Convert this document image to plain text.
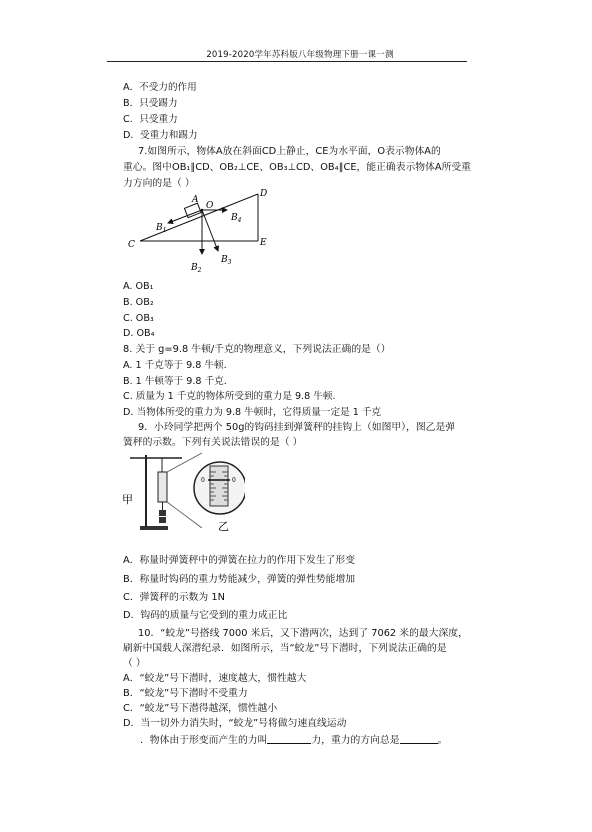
2019-2020学年苏科版八年级物理下册一课一测
A．不受力的作用
B．只受踢力
C．只受重力
D．受重力和踢力
7.如图所示，物体A放在斜面CD上静止，CE为水平面，O表示物体A的
重心。图中OB₁∥CD、OB₂⊥CE、OB₃⊥CD、OB₄∥CE，能正确表示物体A所受重
力方向的是（ ）
A
O
D
C	E
$B_1$
$B_2$
$B_3$
$B_4$
A. OB₁
B. OB₂
C. OB₃
D. OB₄
8. 关于 g=9.8 牛顿/千克的物理意义，下列说法正确的是（）
A. 1 千克等于 9.8 牛顿.
B. 1 牛顿等于 9.8 千克.
C. 质量为 1 千克的物体所受到的重力是 9.8 牛顿.
D. 当物体所受的重力为 9.8 牛顿时，它得质量一定是 1 千克
9．小玲同学把两个 50g的钩码挂到弹簧秤的挂钩上（如图甲），图乙是弹
簧秤的示数。下列有关说法错误的是（ ）
0	0
甲
乙
A．称量时弹簧秤中的弹簧在拉力的作用下发生了形变
B．称量时钩码的重力势能减少，弹簧的弹性势能增加
C．弹簧秤的示数为 1N
D．钩码的质量与它受到的重力成正比
10．“蛟龙”号搭线 7000 米后，又下潜两次，达到了 7062 米的最大深度，
刷新中国载人深潜纪录．如图所示，当“蛟龙”号下潜时，下列说法正确的是
（ ）
A．“蛟龙”号下潜时，速度越大，惯性越大
B．“蛟龙”号下潜时不受重力
C．“蛟龙”号下潜得越深，惯性越小
D．当一切外力消失时，“蛟龙”号将做匀速直线运动
．物体由于形变而产生的力叫	力，重力的方向总是	。
